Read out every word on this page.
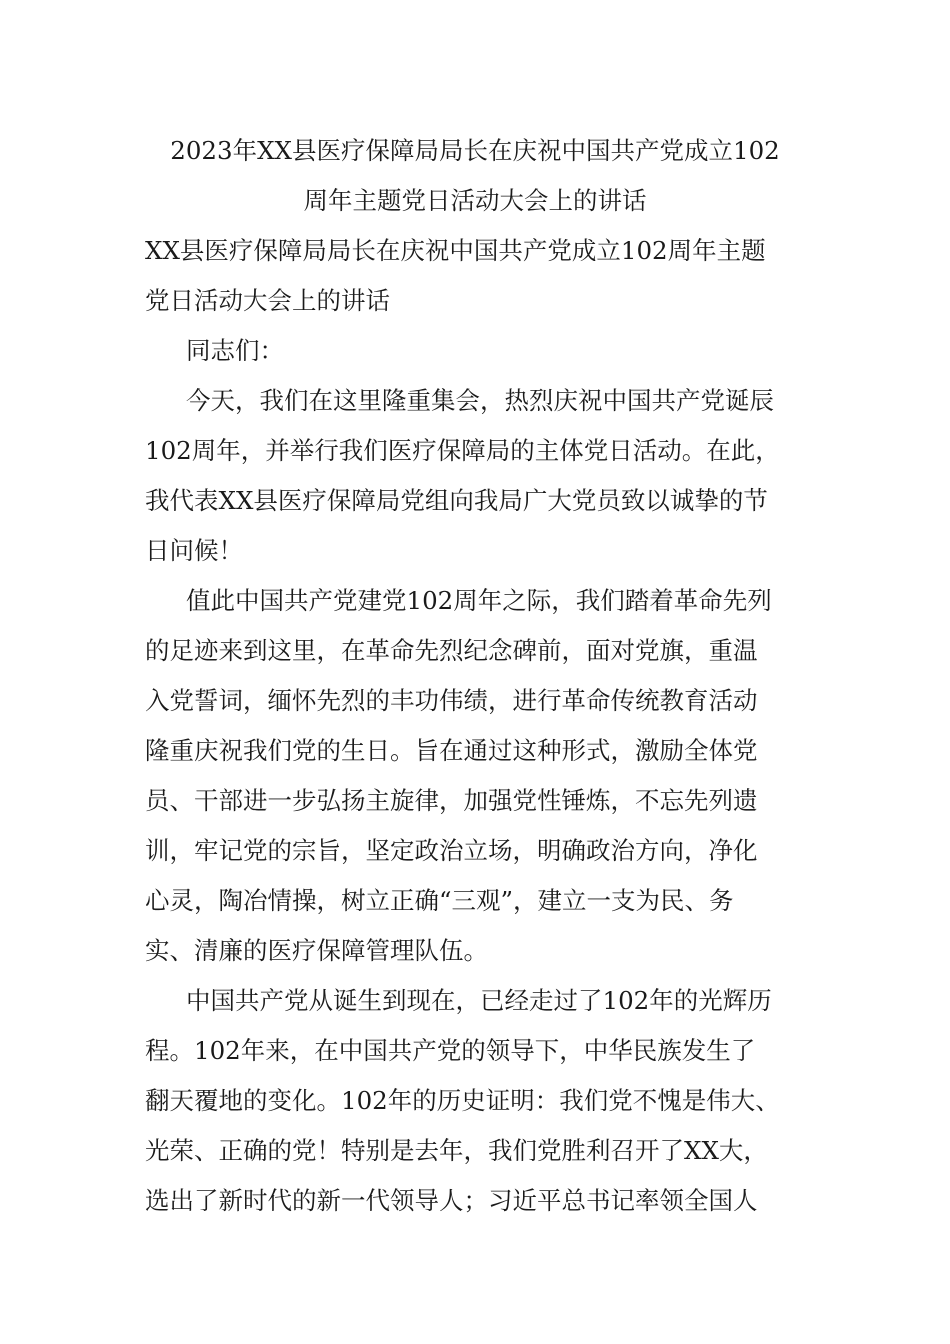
2023年XX县医疗保障局局长在庆祝中国共产党成立102
周年主题党日活动大会上的讲话
XX县医疗保障局局长在庆祝中国共产党成立102周年主题
党日活动大会上的讲话
同志们：
今天，我们在这里隆重集会，热烈庆祝中国共产党诞辰
102周年，并举行我们医疗保障局的主体党日活动。在此，
我代表XX县医疗保障局党组向我局广大党员致以诚挚的节
日问候！
值此中国共产党建党102周年之际，我们踏着革命先列
的足迹来到这里，在革命先烈纪念碑前，面对党旗，重温
入党誓词，缅怀先烈的丰功伟绩，进行革命传统教育活动
隆重庆祝我们党的生日。旨在通过这种形式，激励全体党
员、干部进一步弘扬主旋律，加强党性锤炼，不忘先列遗
训，牢记党的宗旨，坚定政治立场，明确政治方向，净化
心灵，陶冶情操，树立正确“三观”，建立一支为民、务
实、清廉的医疗保障管理队伍。
中国共产党从诞生到现在，已经走过了102年的光辉历
程。102年来，在中国共产党的领导下，中华民族发生了
翻天覆地的变化。102年的历史证明：我们党不愧是伟大、
光荣、正确的党！特别是去年，我们党胜利召开了XX大，
选出了新时代的新一代领导人；习近平总书记率领全国人
